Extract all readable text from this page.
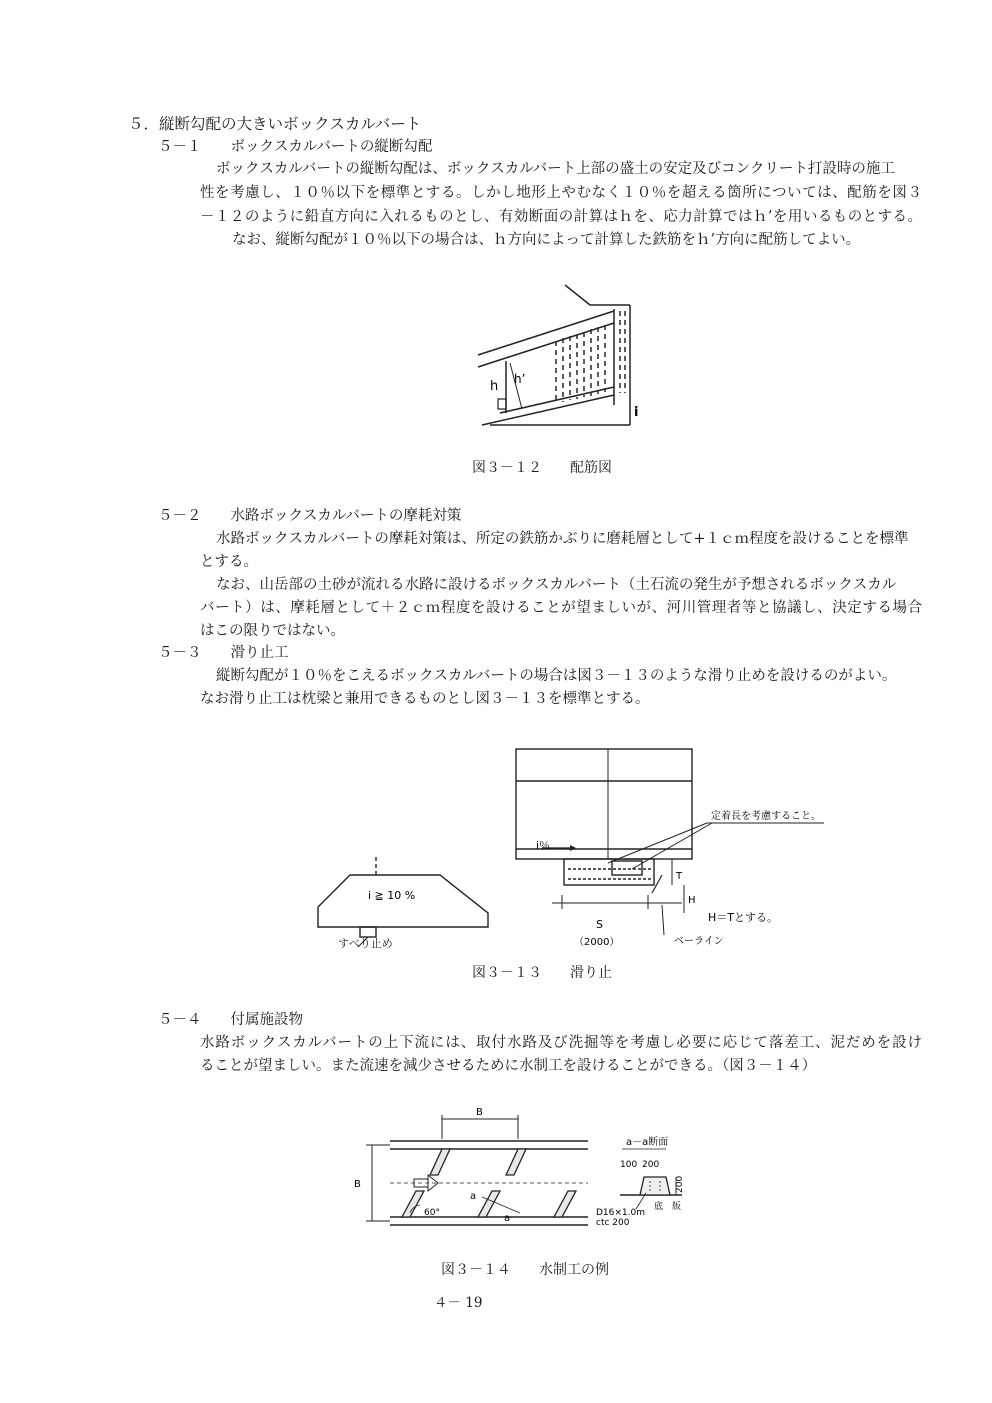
５．縦断勾配の大きいボックスカルバート
５－１　　ボックスカルバートの縦断勾配
ボックスカルバートの縦断勾配は、ボックスカルバート上部の盛土の安定及びコンクリート打設時の施工
性を考慮し、１０％以下を標準とする。しかし地形上やむなく１０％を超える箇所については、配筋を図３
－１２のように鉛直方向に入れるものとし、有効断面の計算はｈを、応力計算ではｈ’を用いるものとする。
なお、縦断勾配が１０％以下の場合は、ｈ方向によって計算した鉄筋をｈ’方向に配筋してよい。
h h’
i
図３－１２　　配筋図
５－２　　水路ボックスカルバートの摩耗対策
水路ボックスカルバートの摩耗対策は、所定の鉄筋かぶりに磨耗層として+１ｃｍ程度を設けることを標準
とする。
なお、山岳部の土砂が流れる水路に設けるボックスカルバート（土石流の発生が予想されるボックスカル
バート）は、摩耗層として＋２ｃｍ程度を設けることが望ましいが、河川管理者等と協議し、決定する場合
はこの限りではない。
５－３　　滑り止工
縦断勾配が１０％をこえるボックスカルバートの場合は図３－１３のような滑り止めを設けるのがよい。
なお滑り止工は枕梁と兼用できるものとし図３－１３を標準とする。
i ≧ 10 %
すべり止め
i％
定着長を考慮すること。
T
H
H＝Tとする。
S
（2000）	ベーライン
図３－１３　　滑り止
５－４　　付属施設物
水路ボックスカルバートの上下流には、取付水路及び洗掘等を考慮し必要に応じて落差工、泥だめを設け
ることが望ましい。また流速を減少させるために水制工を設けることができる。（図３－１４）
B
B
a
a
60°
a－a断面
100 200
200
底　版
D16×1.0m
ctc 200
図３－１４　　水制工の例
４－ 19
